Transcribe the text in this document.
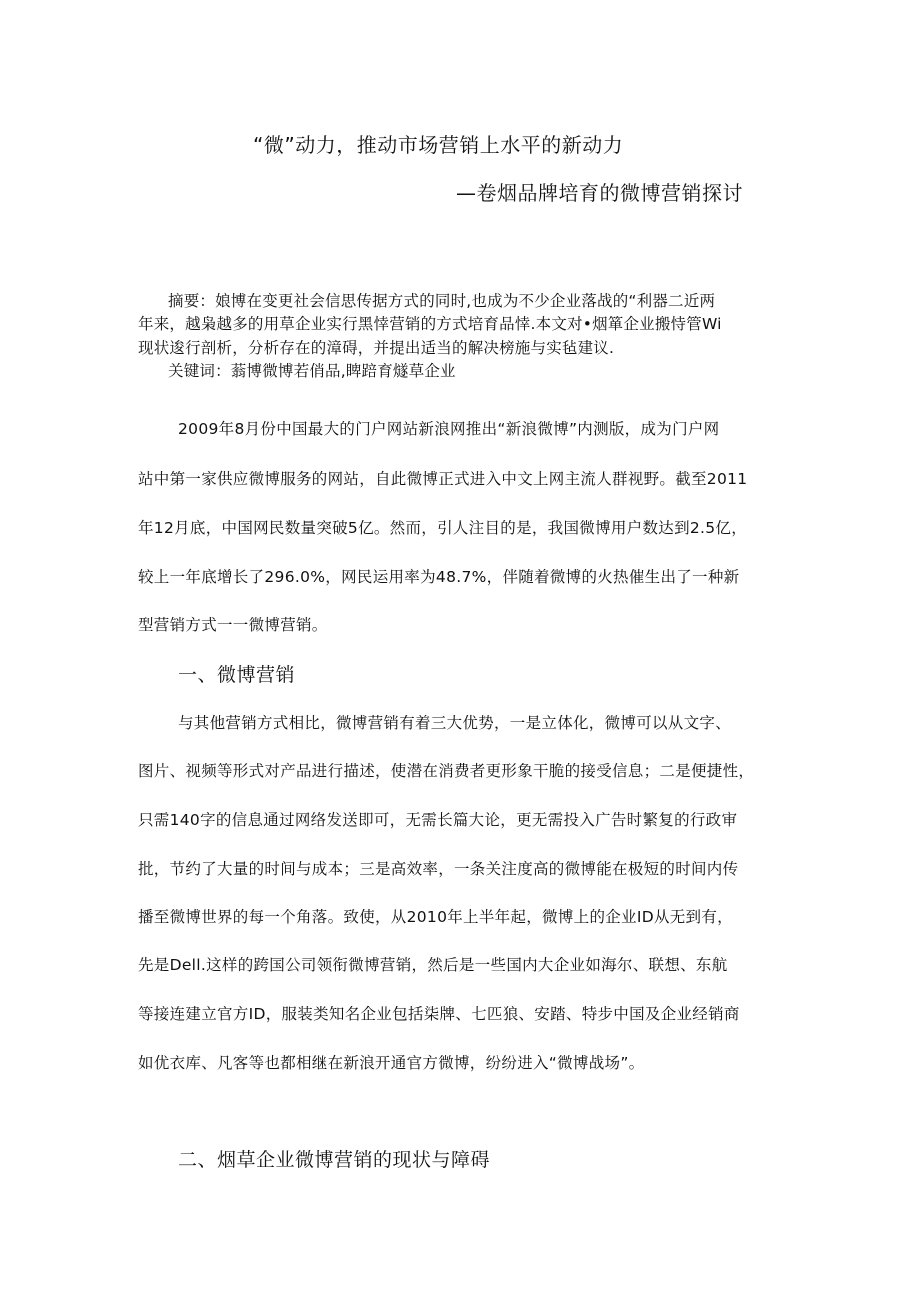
“微”动力，推动市场营销上水平的新动力
—卷烟品牌培育的微博营销探讨
摘要：娘博在变更社会信思传据方式的同时,也成为不少企业落战的“利器二近两
年来，越枭越多的用草企业实行黑悻营销的方式培育品悻.本文对•烟箪企业搬恃管Wi
现状逡行剖析，分析存在的漳碍，并提出适当的解决榜施与实毡建议.
关键词：蓊博微博若俏品,睥踣育燧草企业
2009年8月份中国最大的门户网站新浪网推出“新浪微博”内测版，成为门户网
站中第一家供应微博服务的网站，自此微博正式进入中文上网主流人群视野。截至2011
年12月底，中国网民数量突破5亿。然而，引人注目的是，我国微博用户数达到2.5亿，
较上一年底增长了296.0%，网民运用率为48.7%，伴随着微博的火热催生出了一种新
型营销方式一一微博营销。
一、微博营销
与其他营销方式相比，微博营销有着三大优势，一是立体化，微博可以从文字、
图片、视频等形式对产品进行描述，使潜在消费者更形象干脆的接受信息；二是便捷性，
只需140字的信息通过网络发送即可，无需长篇大论，更无需投入广告时繁复的行政审
批，节约了大量的时间与成本；三是高效率，一条关注度高的微博能在极短的时间内传
播至微博世界的每一个角落。致使，从2010年上半年起，微博上的企业ID从无到有，
先是Dell.这样的跨国公司领衔微博营销，然后是一些国内大企业如海尔、联想、东航
等接连建立官方ID，服装类知名企业包括柒牌、七匹狼、安踏、特步中国及企业经销商
如优衣库、凡客等也都相继在新浪开通官方微博，纷纷进入“微博战场”。
二、烟草企业微博营销的现状与障碍
